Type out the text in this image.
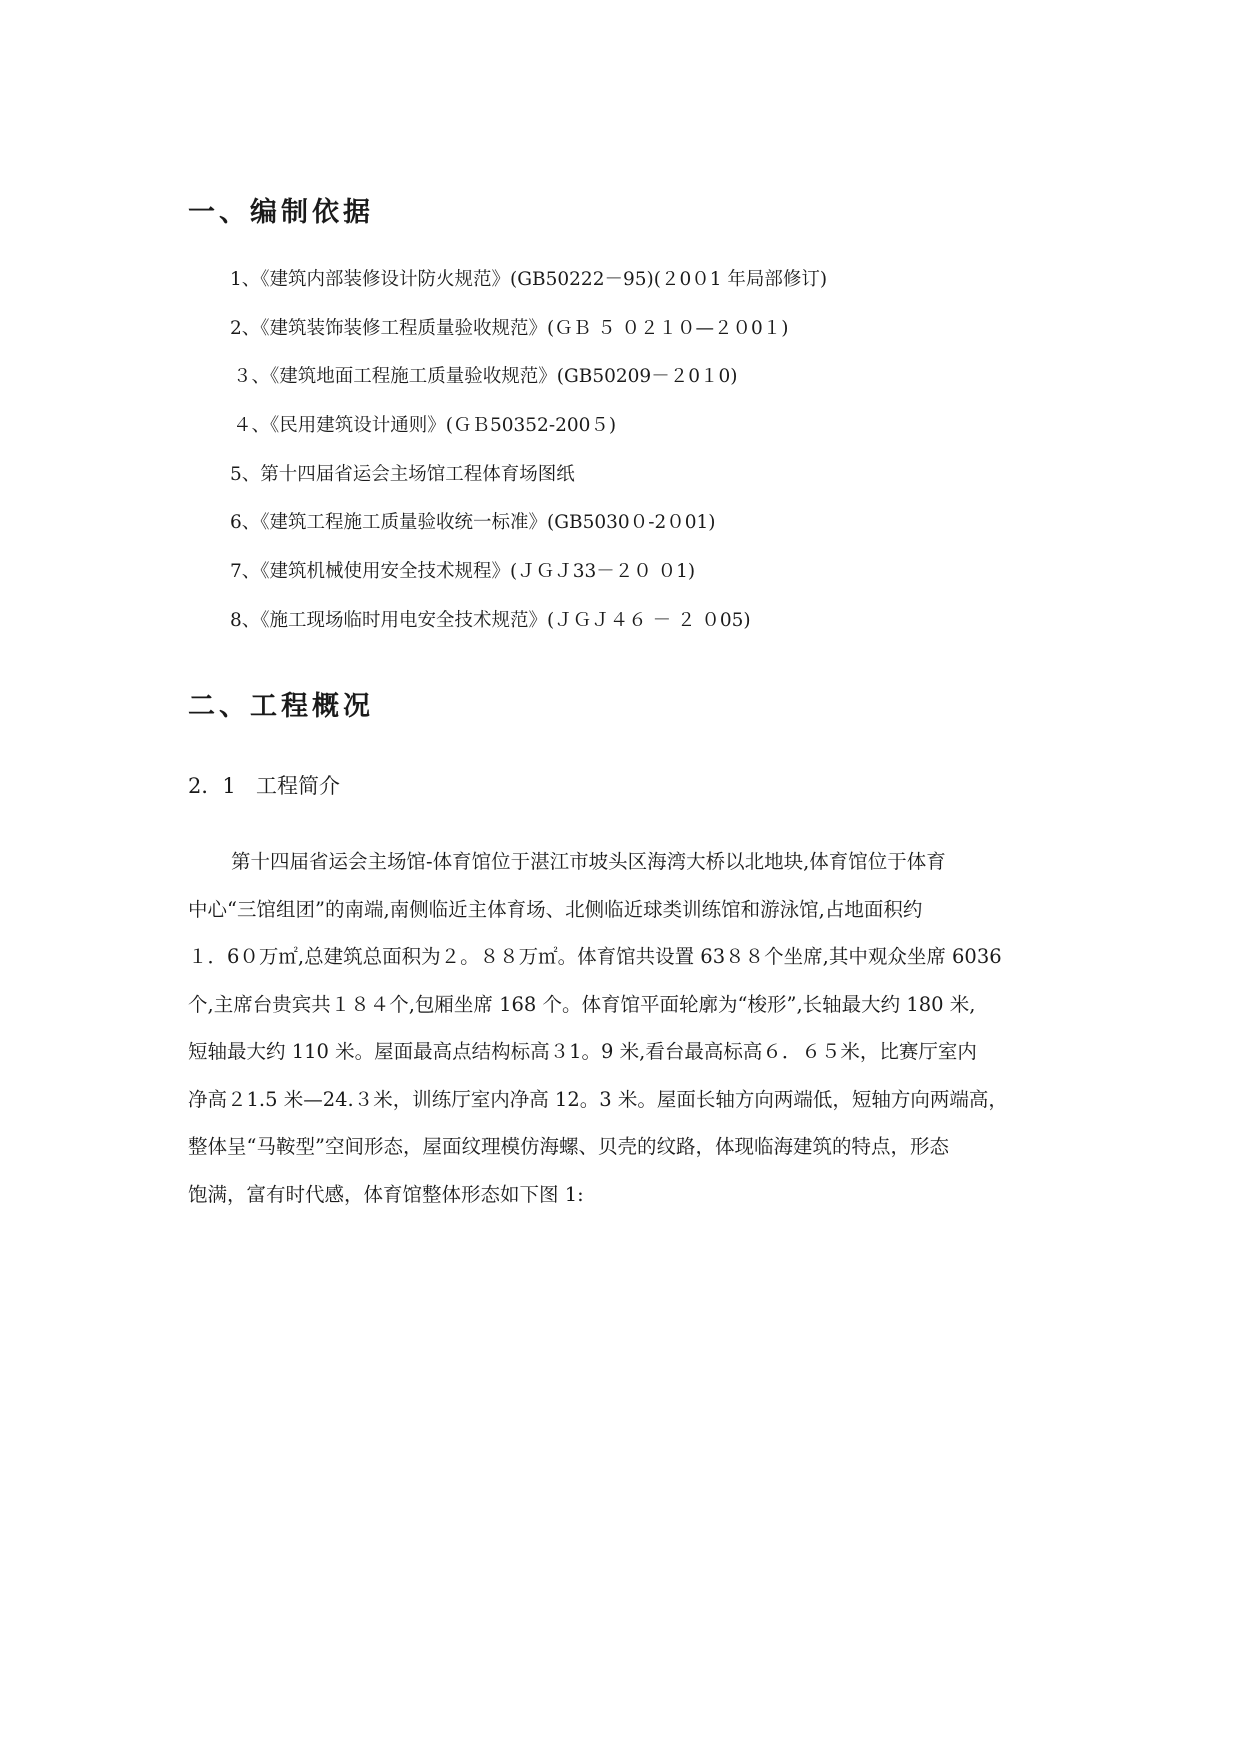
一、编制依据

1、《建筑内部装修设计防火规范》(GB50222－95)(２0０1 年局部修订)

2、《建筑装饰装修工程质量验收规范》(ＧＢ ５ ０２１０—２０0１)

３、《建筑地面工程施工质量验收规范》(GB50209－２0１0)

４、《民用建筑设计通则》(ＧＢ50352-200５)

5、第十四届省运会主场馆工程体育场图纸

6、《建筑工程施工质量验收统一标准》(GB5030０-2０01)

7、《建筑机械使用安全技术规程》(ＪＧＪ33－２０ ０1)

8、《施工现场临时用电安全技术规范》(ＪＧＪ４６ － ２ ０05)

二、工程概况

2．1 工程简介

第十四届省运会主场馆-体育馆位于湛江市坡头区海湾大桥以北地块,体育馆位于体育
中心“三馆组团”的南端,南侧临近主体育场、北侧临近球类训练馆和游泳馆,占地面积约
１．6０万㎡,总建筑总面积为２。８８万㎡。体育馆共设置 63８８个坐席,其中观众坐席 6036
个,主席台贵宾共１８４个,包厢坐席 168 个。体育馆平面轮廓为“梭形”,长轴最大约 180 米,
短轴最大约 110 米。屋面最高点结构标高３1。9 米,看台最高标高６．６５米，比赛厅室内
净高２1.5 米—24.３米，训练厅室内净高 12。3 米。屋面长轴方向两端低，短轴方向两端高，
整体呈“马鞍型”空间形态，屋面纹理模仿海螺、贝壳的纹路，体现临海建筑的特点，形态
饱满，富有时代感，体育馆整体形态如下图 1:
